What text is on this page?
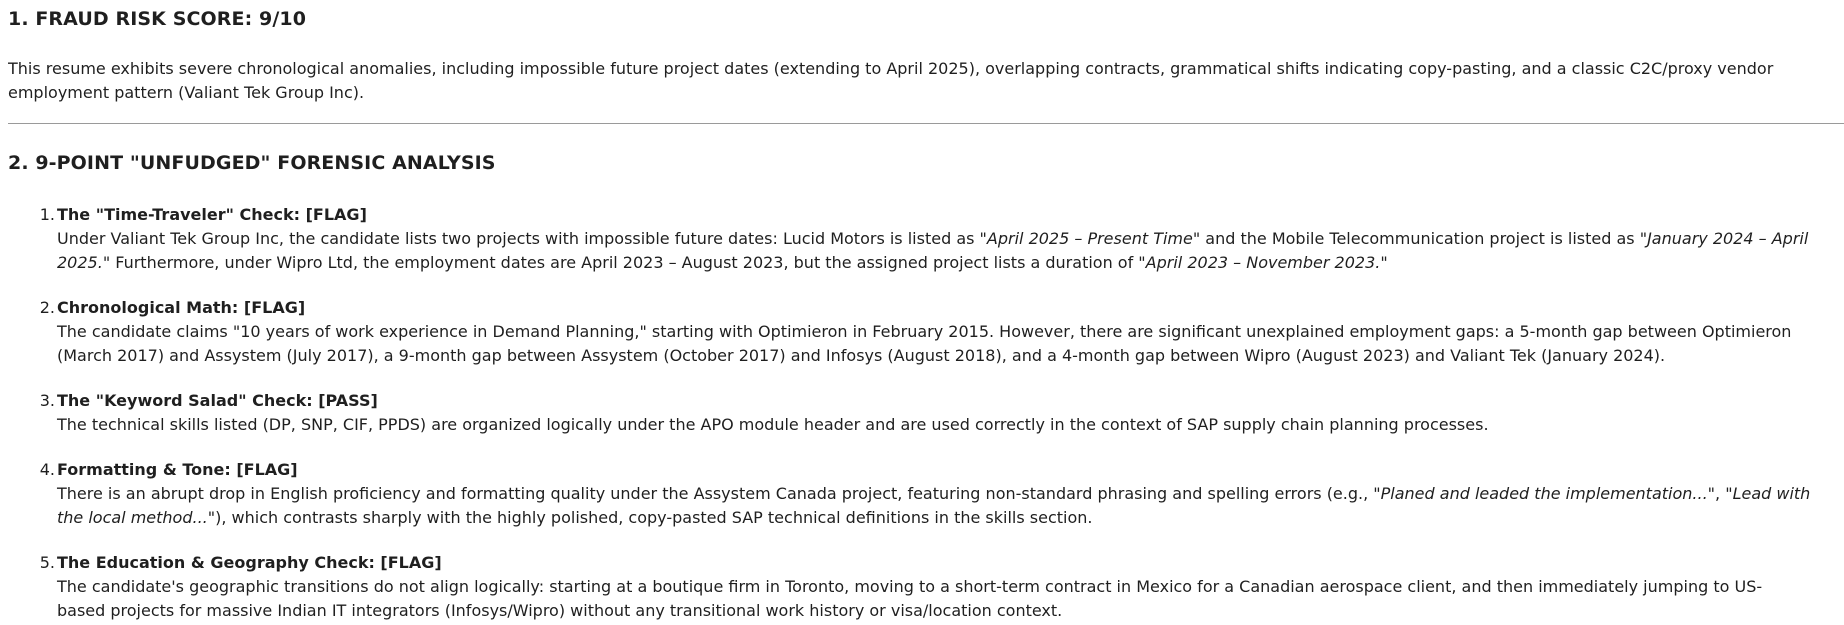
1. FRAUD RISK SCORE: 9/10

This resume exhibits severe chronological anomalies, including impossible future project dates (extending to April 2025), overlapping contracts, grammatical shifts indicating copy-pasting, and a classic C2C/proxy vendor
employment pattern (Valiant Tek Group Inc).

2. 9-POINT "UNFUDGED" FORENSIC ANALYSIS
1. The "Time-Traveler" Check: [FLAG]
Under Valiant Tek Group Inc, the candidate lists two projects with impossible future dates: Lucid Motors is listed as "April 2025 – Present Time" and the Mobile Telecommunication project is listed as "January 2024 – April
2025." Furthermore, under Wipro Ltd, the employment dates are April 2023 – August 2023, but the assigned project lists a duration of "April 2023 – November 2023."
2. Chronological Math: [FLAG]
The candidate claims "10 years of work experience in Demand Planning," starting with Optimieron in February 2015. However, there are significant unexplained employment gaps: a 5-month gap between Optimieron
(March 2017) and Assystem (July 2017), a 9-month gap between Assystem (October 2017) and Infosys (August 2018), and a 4-month gap between Wipro (August 2023) and Valiant Tek (January 2024).
3. The "Keyword Salad" Check: [PASS]
The technical skills listed (DP, SNP, CIF, PPDS) are organized logically under the APO module header and are used correctly in the context of SAP supply chain planning processes.
4. Formatting & Tone: [FLAG]
There is an abrupt drop in English proficiency and formatting quality under the Assystem Canada project, featuring non-standard phrasing and spelling errors (e.g., "Planed and leaded the implementation...", "Lead with
the local method..."), which contrasts sharply with the highly polished, copy-pasted SAP technical definitions in the skills section.
5. The Education & Geography Check: [FLAG]
The candidate's geographic transitions do not align logically: starting at a boutique firm in Toronto, moving to a short-term contract in Mexico for a Canadian aerospace client, and then immediately jumping to US-
based projects for massive Indian IT integrators (Infosys/Wipro) without any transitional work history or visa/location context.
